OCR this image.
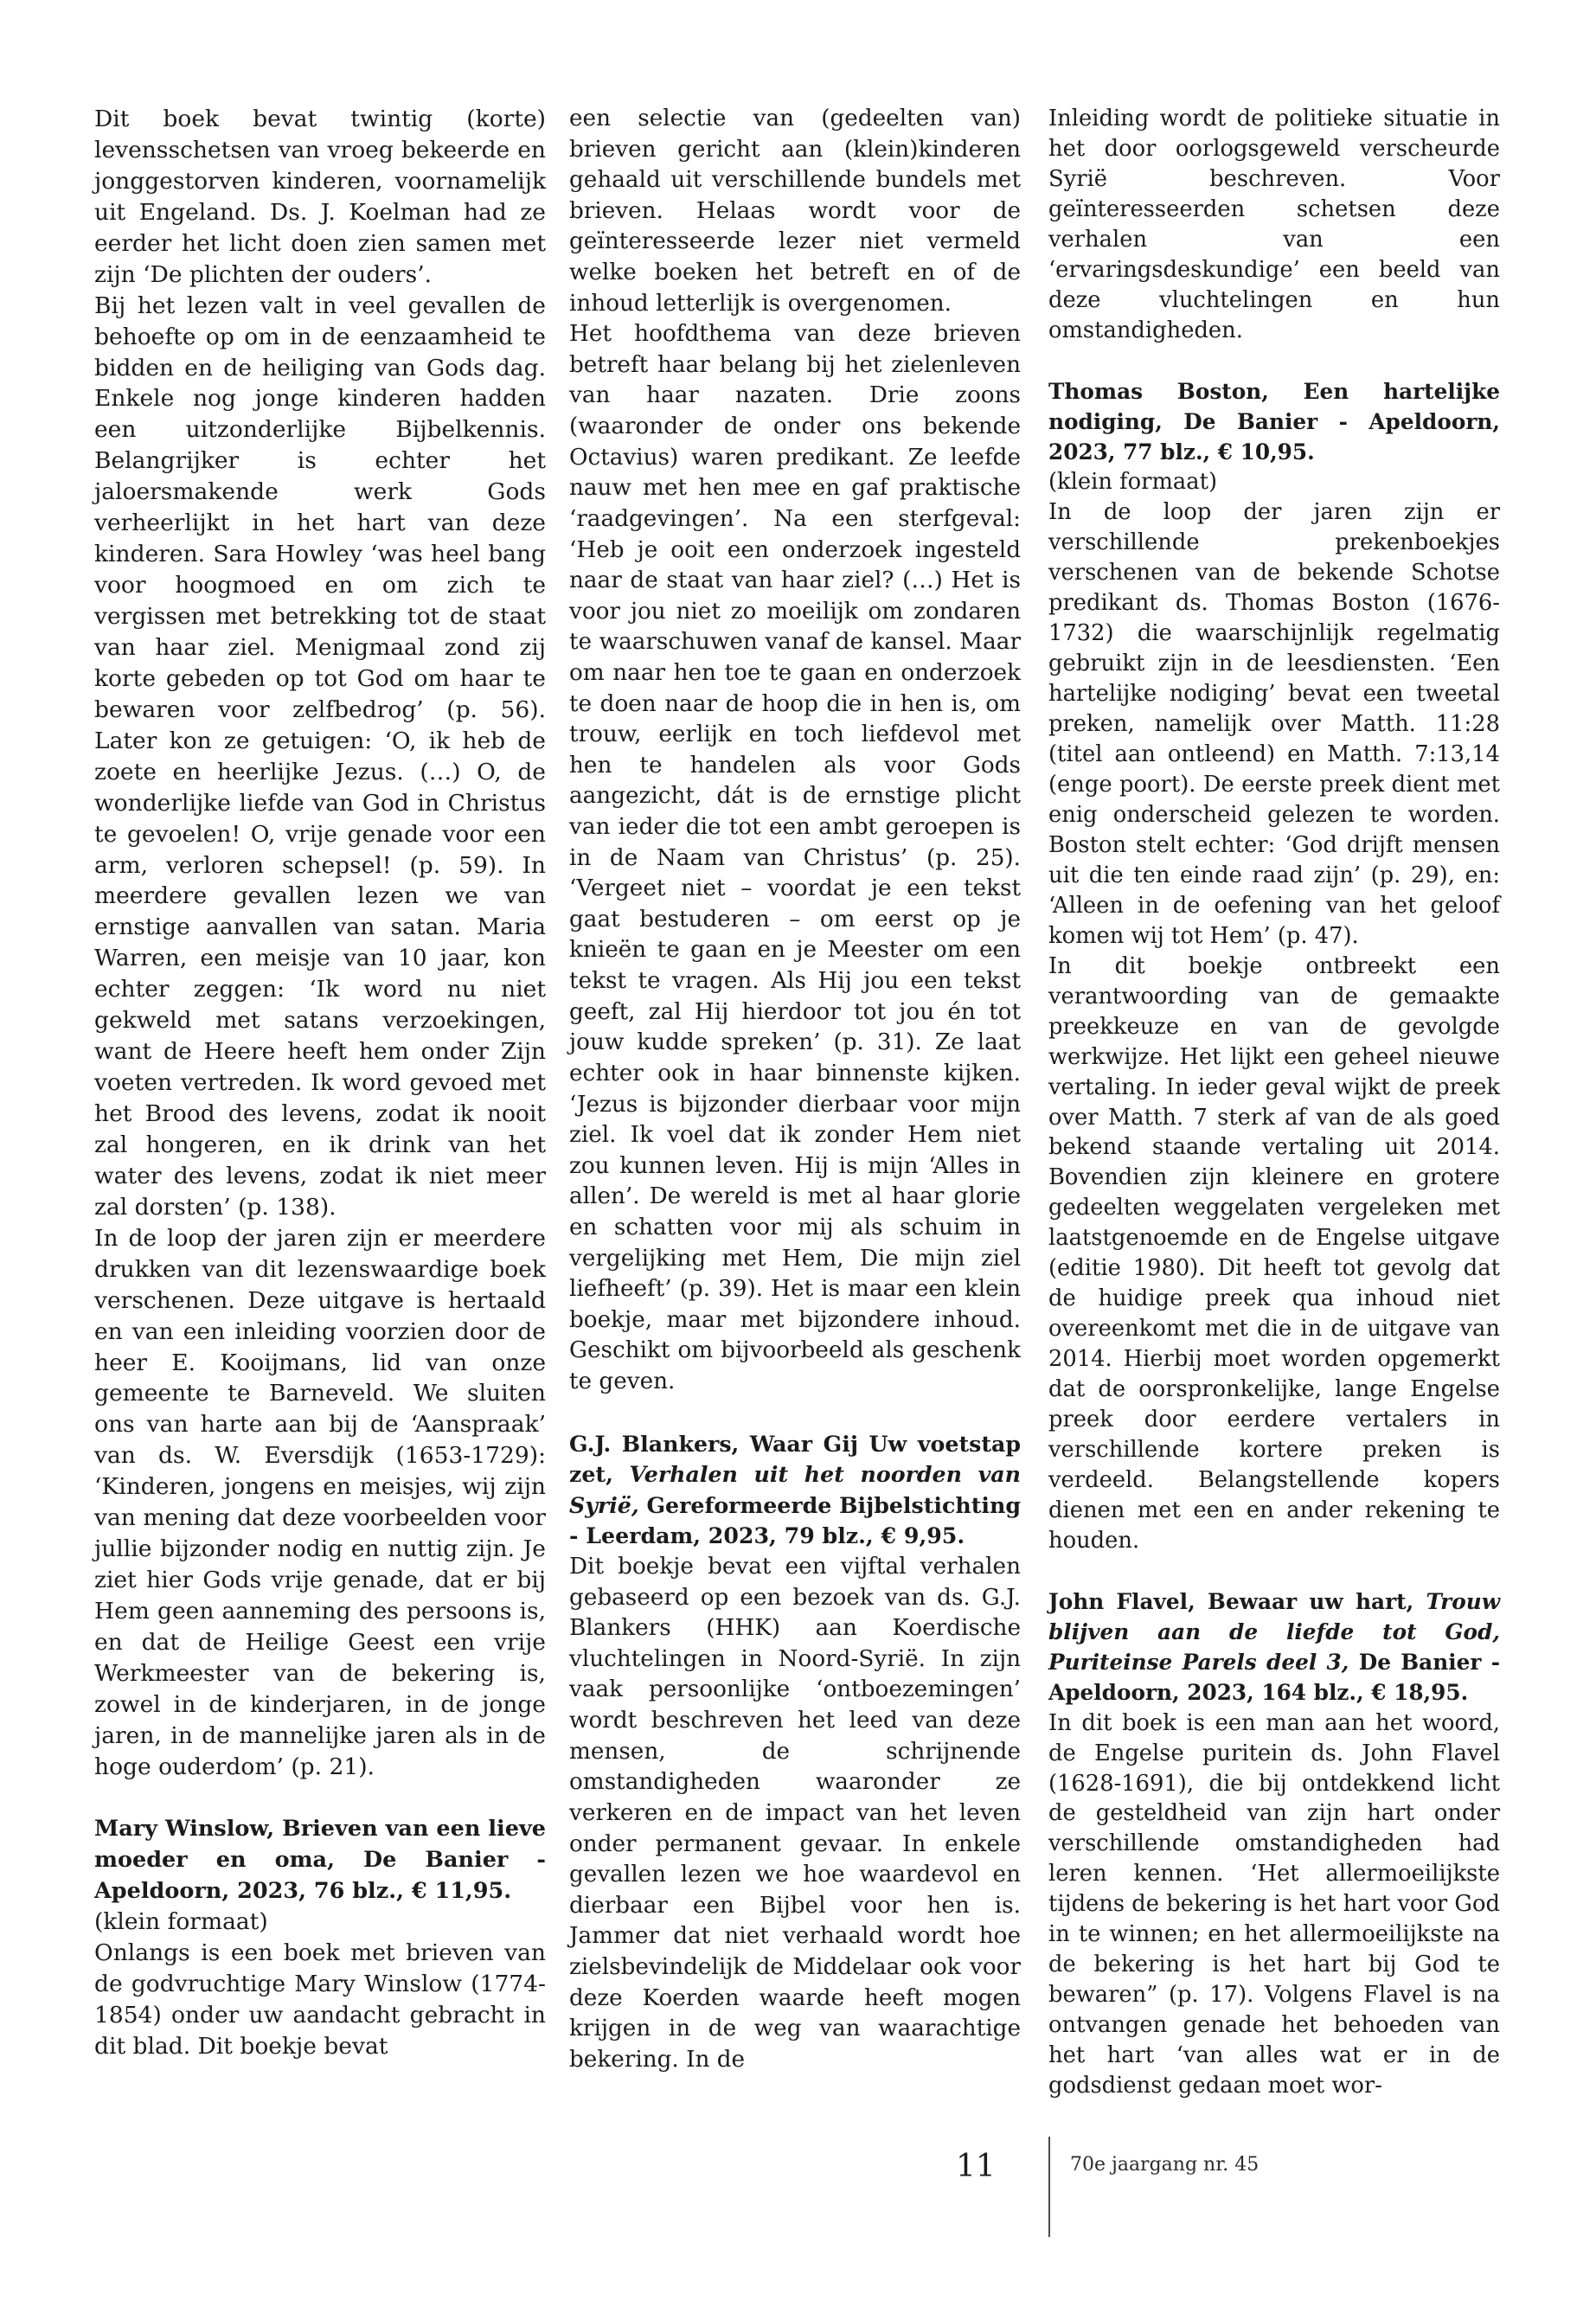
Dit boek bevat twintig (korte) levensschetsen van vroeg bekeerde en jonggestorven kinderen, voornamelijk uit Engeland. Ds. J. Koelman had ze eerder het licht doen zien samen met zijn ‘De plichten der ouders’.

Bij het lezen valt in veel gevallen de behoefte op om in de eenzaamheid te bidden en de heiliging van Gods dag. Enkele nog jonge kinderen hadden een uitzonderlijke Bijbelkennis. Belangrijker is echter het jaloersmakende werk Gods verheerlijkt in het hart van deze kinderen. Sara Howley ‘was heel bang voor hoogmoed en om zich te vergissen met betrekking tot de staat van haar ziel. Menigmaal zond zij korte gebeden op tot God om haar te bewaren voor zelfbedrog’ (p. 56). Later kon ze getuigen: ‘O, ik heb de zoete en heerlijke Jezus. (…) O, de wonderlijke liefde van God in Christus te gevoelen! O, vrije genade voor een arm, verloren schepsel! (p. 59). In meerdere gevallen lezen we van ernstige aanvallen van satan. Maria Warren, een meisje van 10 jaar, kon echter zeggen: ‘Ik word nu niet gekweld met satans verzoekingen, want de Heere heeft hem onder Zijn voeten vertreden. Ik word gevoed met het Brood des levens, zodat ik nooit zal hongeren, en ik drink van het water des levens, zodat ik niet meer zal dorsten’ (p. 138).

In de loop der jaren zijn er meerdere drukken van dit lezenswaardige boek verschenen. Deze uitgave is hertaald en van een inleiding voorzien door de heer E. Kooijmans, lid van onze gemeente te Barneveld. We sluiten ons van harte aan bij de ‘Aanspraak’ van ds. W. Eversdijk (1653-1729): ‘Kinderen, jongens en meisjes, wij zijn van mening dat deze voorbeelden voor jullie bijzonder nodig en nuttig zijn. Je ziet hier Gods vrije genade, dat er bij Hem geen aanneming des persoons is, en dat de Heilige Geest een vrije Werkmeester van de bekering is, zowel in de kinderjaren, in de jonge jaren, in de mannelijke jaren als in de hoge ouderdom’ (p. 21).

Mary Winslow, Brieven van een lieve moeder en oma, De Banier - Apeldoorn, 2023, 76 blz., € 11,95.

(klein formaat)

Onlangs is een boek met brieven van de godvruchtige Mary Winslow (1774-1854) onder uw aandacht gebracht in dit blad. Dit boekje bevat

een selectie van (gedeelten van) brieven gericht aan (klein)kinderen gehaald uit verschillende bundels met brieven. Helaas wordt voor de geïnteresseerde lezer niet vermeld welke boeken het betreft en of de inhoud letterlijk is overgenomen.

Het hoofdthema van deze brieven betreft haar belang bij het zielenleven van haar nazaten. Drie zoons (waaronder de onder ons bekende Octavius) waren predikant. Ze leefde nauw met hen mee en gaf praktische ‘raadgevingen’. Na een sterfgeval: ‘Heb je ooit een onderzoek ingesteld naar de staat van haar ziel? (…) Het is voor jou niet zo moeilijk om zondaren te waarschuwen vanaf de kansel. Maar om naar hen toe te gaan en onderzoek te doen naar de hoop die in hen is, om trouw, eerlijk en toch liefdevol met hen te handelen als voor Gods aangezicht, dát is de ernstige plicht van ieder die tot een ambt geroepen is in de Naam van Christus’ (p. 25). ‘Vergeet niet – voordat je een tekst gaat bestuderen – om eerst op je knieën te gaan en je Meester om een tekst te vragen. Als Hij jou een tekst geeft, zal Hij hierdoor tot jou én tot jouw kudde spreken’ (p. 31). Ze laat echter ook in haar binnenste kijken. ‘Jezus is bijzonder dierbaar voor mijn ziel. Ik voel dat ik zonder Hem niet zou kunnen leven. Hij is mijn ‘Alles in allen’. De wereld is met al haar glorie en schatten voor mij als schuim in vergelijking met Hem, Die mijn ziel liefheeft’ (p. 39). Het is maar een klein boekje, maar met bijzondere inhoud. Geschikt om bijvoorbeeld als geschenk te geven.

G.J. Blankers, Waar Gij Uw voetstap zet, Verhalen uit het noorden van Syrië, Gereformeerde Bijbelstichting - Leerdam, 2023, 79 blz., € 9,95.

Dit boekje bevat een vijftal verhalen gebaseerd op een bezoek van ds. G.J. Blankers (HHK) aan Koerdische vluchtelingen in Noord-Syrië. In zijn vaak persoonlijke ‘ontboezemingen’ wordt beschreven het leed van deze mensen, de schrijnende omstandigheden waaronder ze verkeren en de impact van het leven onder permanent gevaar. In enkele gevallen lezen we hoe waardevol en dierbaar een Bijbel voor hen is. Jammer dat niet verhaald wordt hoe zielsbevindelijk de Middelaar ook voor deze Koerden waarde heeft mogen krijgen in de weg van waarachtige bekering. In de

Inleiding wordt de politieke situatie in het door oorlogsgeweld verscheurde Syrië beschreven. Voor geïnteresseerden schetsen deze verhalen van een ‘ervaringsdeskundige’ een beeld van deze vluchtelingen en hun omstandigheden.

Thomas Boston, Een hartelijke nodiging, De Banier - Apeldoorn, 2023, 77 blz., € 10,95.

(klein formaat)

In de loop der jaren zijn er verschillende prekenboekjes verschenen van de bekende Schotse predikant ds. Thomas Boston (1676-1732) die waarschijnlijk regelmatig gebruikt zijn in de leesdiensten. ‘Een hartelijke nodiging’ bevat een tweetal preken, namelijk over Matth. 11:28 (titel aan ontleend) en Matth. 7:13,14 (enge poort). De eerste preek dient met enig onderscheid gelezen te worden. Boston stelt echter: ‘God drijft mensen uit die ten einde raad zijn’ (p. 29), en: ‘Alleen in de oefening van het geloof komen wij tot Hem’ (p. 47).

In dit boekje ontbreekt een verantwoording van de gemaakte preekkeuze en van de gevolgde werkwijze. Het lijkt een geheel nieuwe vertaling. In ieder geval wijkt de preek over Matth. 7 sterk af van de als goed bekend staande vertaling uit 2014. Bovendien zijn kleinere en grotere gedeelten weggelaten vergeleken met laatstgenoemde en de Engelse uitgave (editie 1980). Dit heeft tot gevolg dat de huidige preek qua inhoud niet overeenkomt met die in de uitgave van 2014. Hierbij moet worden opgemerkt dat de oorspronkelijke, lange Engelse preek door eerdere vertalers in verschillende kortere preken is verdeeld. Belangstellende kopers dienen met een en ander rekening te houden.

John Flavel, Bewaar uw hart, Trouw blijven aan de liefde tot God, Puriteinse Parels deel 3, De Banier - Apeldoorn, 2023, 164 blz., € 18,95.

In dit boek is een man aan het woord, de Engelse puritein ds. John Flavel (1628-1691), die bij ontdekkend licht de gesteldheid van zijn hart onder verschillende omstandigheden had leren kennen. ‘Het allermoeilijkste tijdens de bekering is het hart voor God in te winnen; en het allermoeilijkste na de bekering is het hart bij God te bewaren” (p. 17). Volgens Flavel is na ontvangen genade het behoeden van het hart ‘van alles wat er in de godsdienst gedaan moet wor-

11	70e jaargang nr. 45
